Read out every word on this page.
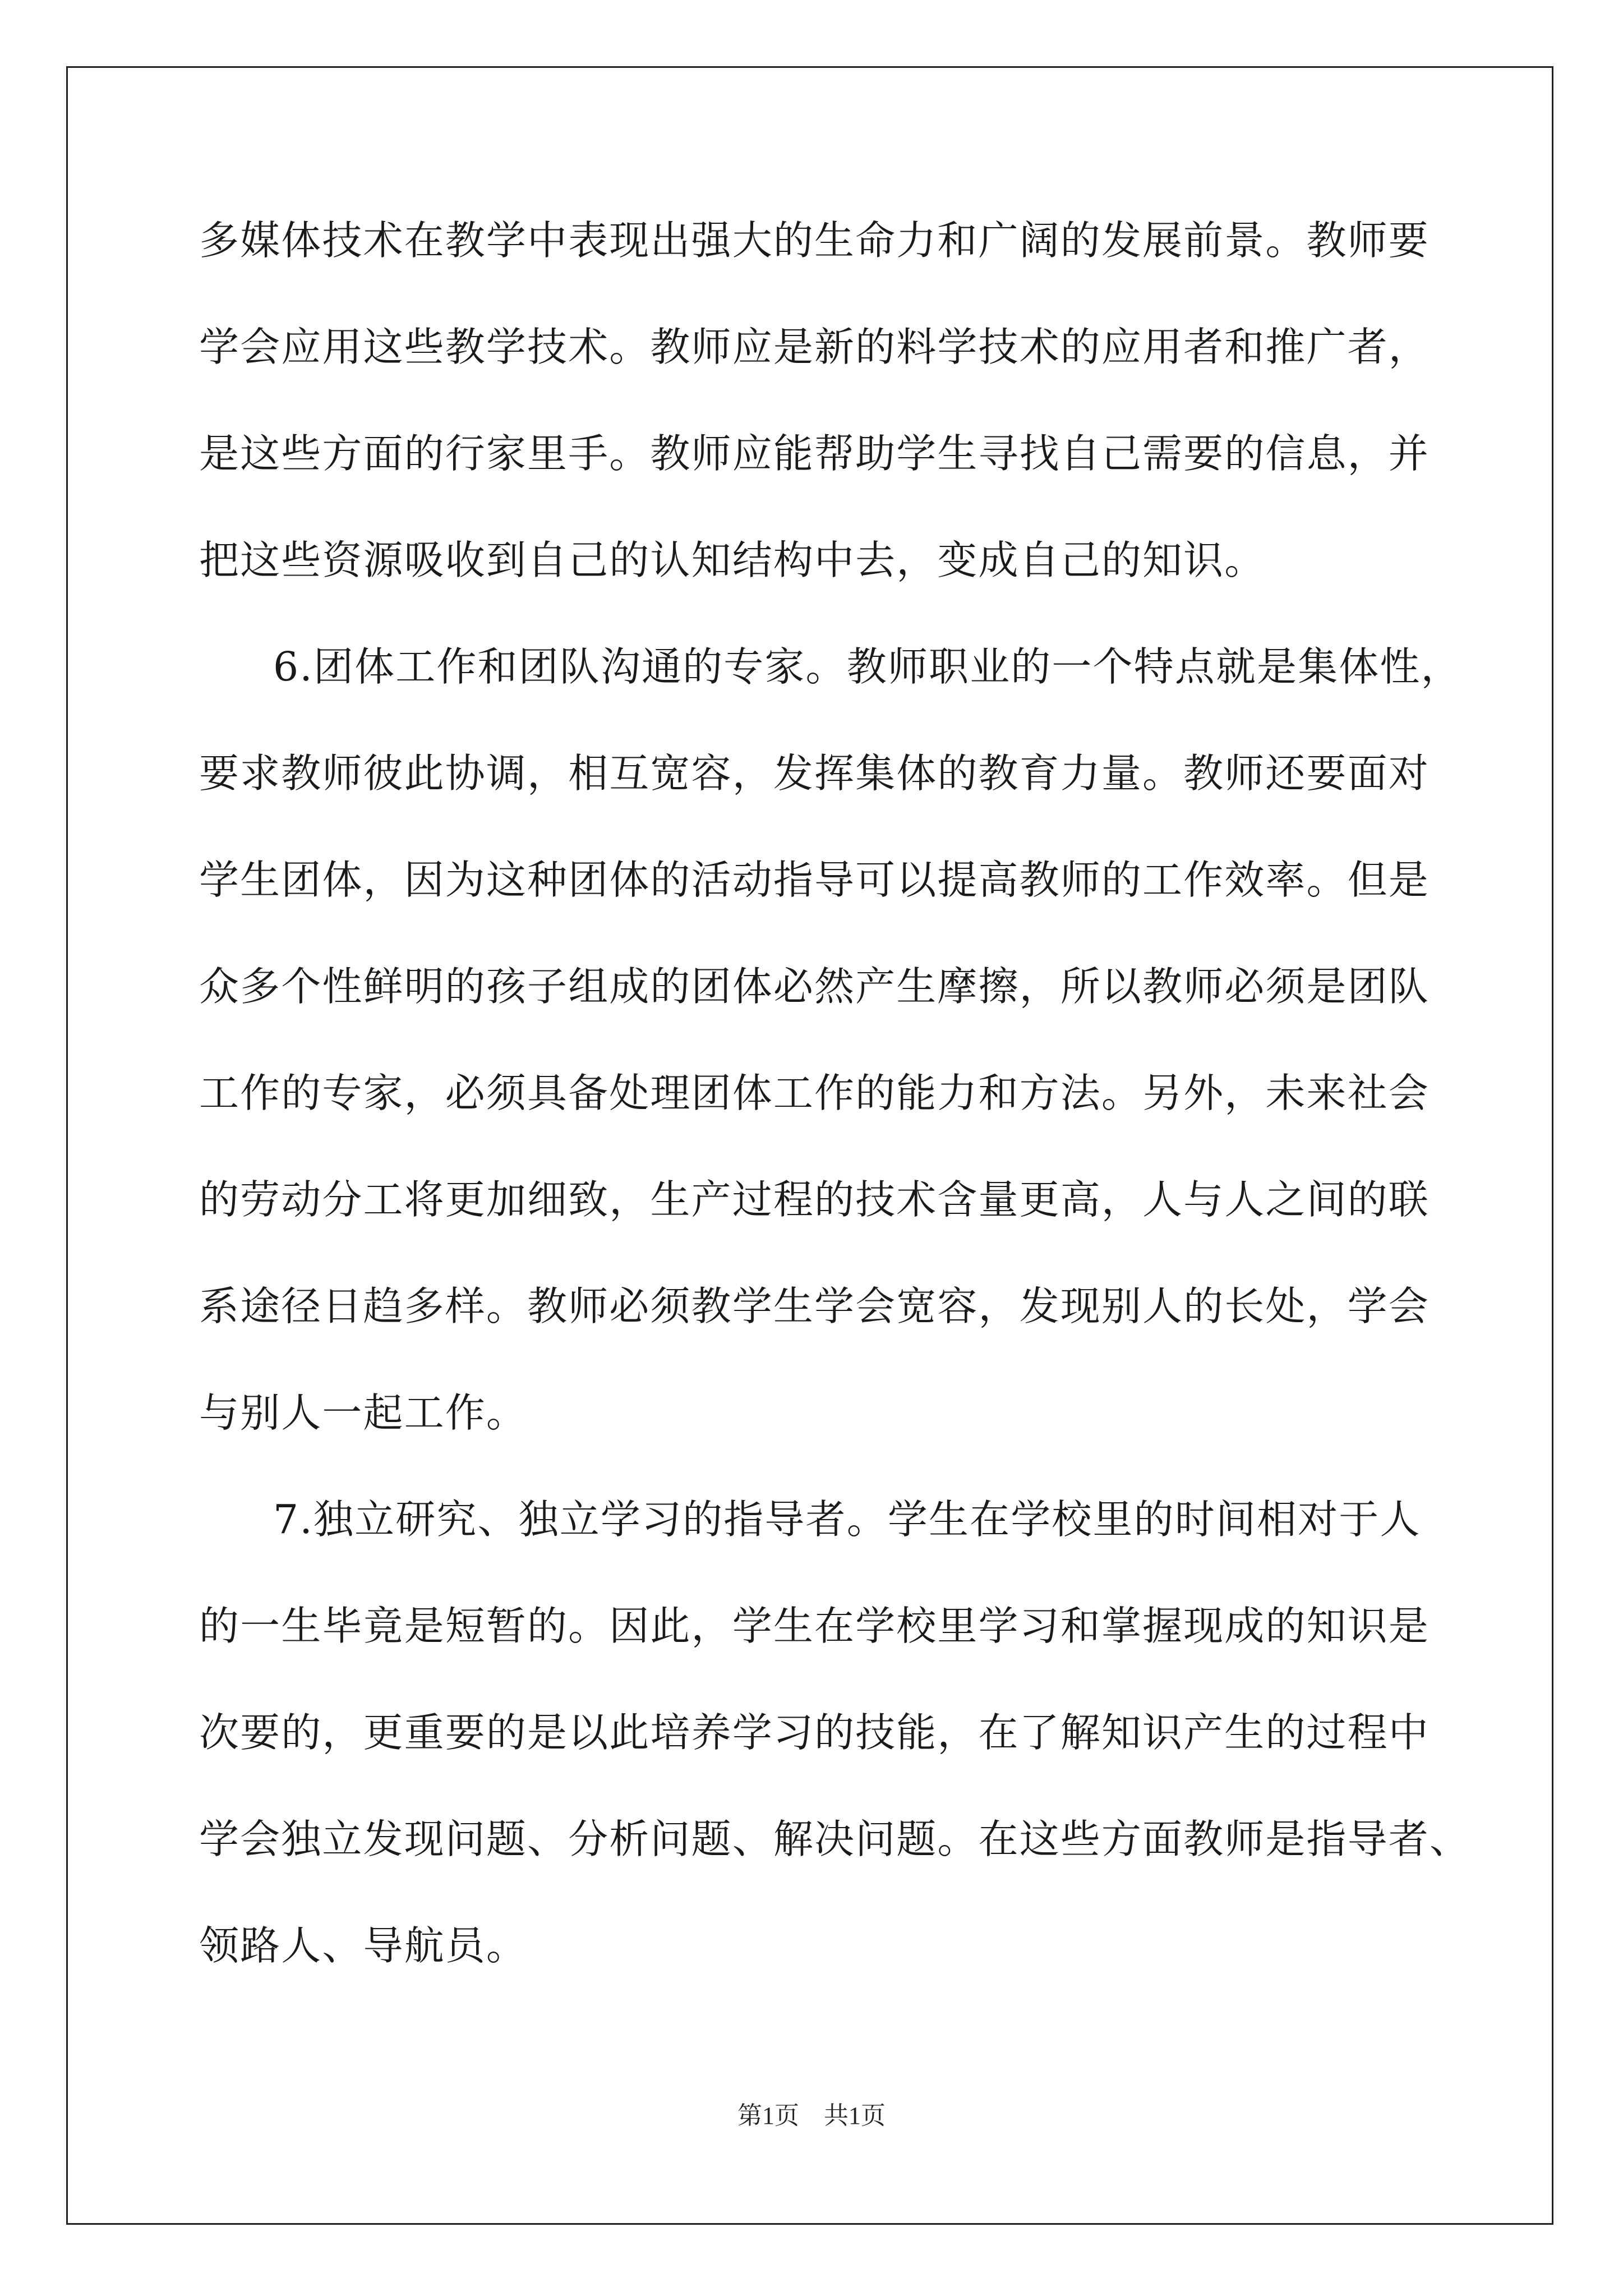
多媒体技术在教学中表现出强大的生命力和广阔的发展前景。教师要
学会应用这些教学技术。教师应是新的料学技术的应用者和推广者，
是这些方面的行家里手。教师应能帮助学生寻找自己需要的信息，并
把这些资源吸收到自己的认知结构中去，变成自己的知识。
6.团体工作和团队沟通的专家。教师职业的一个特点就是集体性，
要求教师彼此协调，相互宽容，发挥集体的教育力量。教师还要面对
学生团体，因为这种团体的活动指导可以提高教师的工作效率。但是
众多个性鲜明的孩子组成的团体必然产生摩擦，所以教师必须是团队
工作的专家，必须具备处理团体工作的能力和方法。另外，未来社会
的劳动分工将更加细致，生产过程的技术含量更高，人与人之间的联
系途径日趋多样。教师必须教学生学会宽容，发现别人的长处，学会
与别人一起工作。
7.独立研究、独立学习的指导者。学生在学校里的时间相对于人
的一生毕竟是短暂的。因此，学生在学校里学习和掌握现成的知识是
次要的，更重要的是以此培养学习的技能，在了解知识产生的过程中
学会独立发现问题、分析问题、解决问题。在这些方面教师是指导者、
领路人、导航员。
第1页　共1页
